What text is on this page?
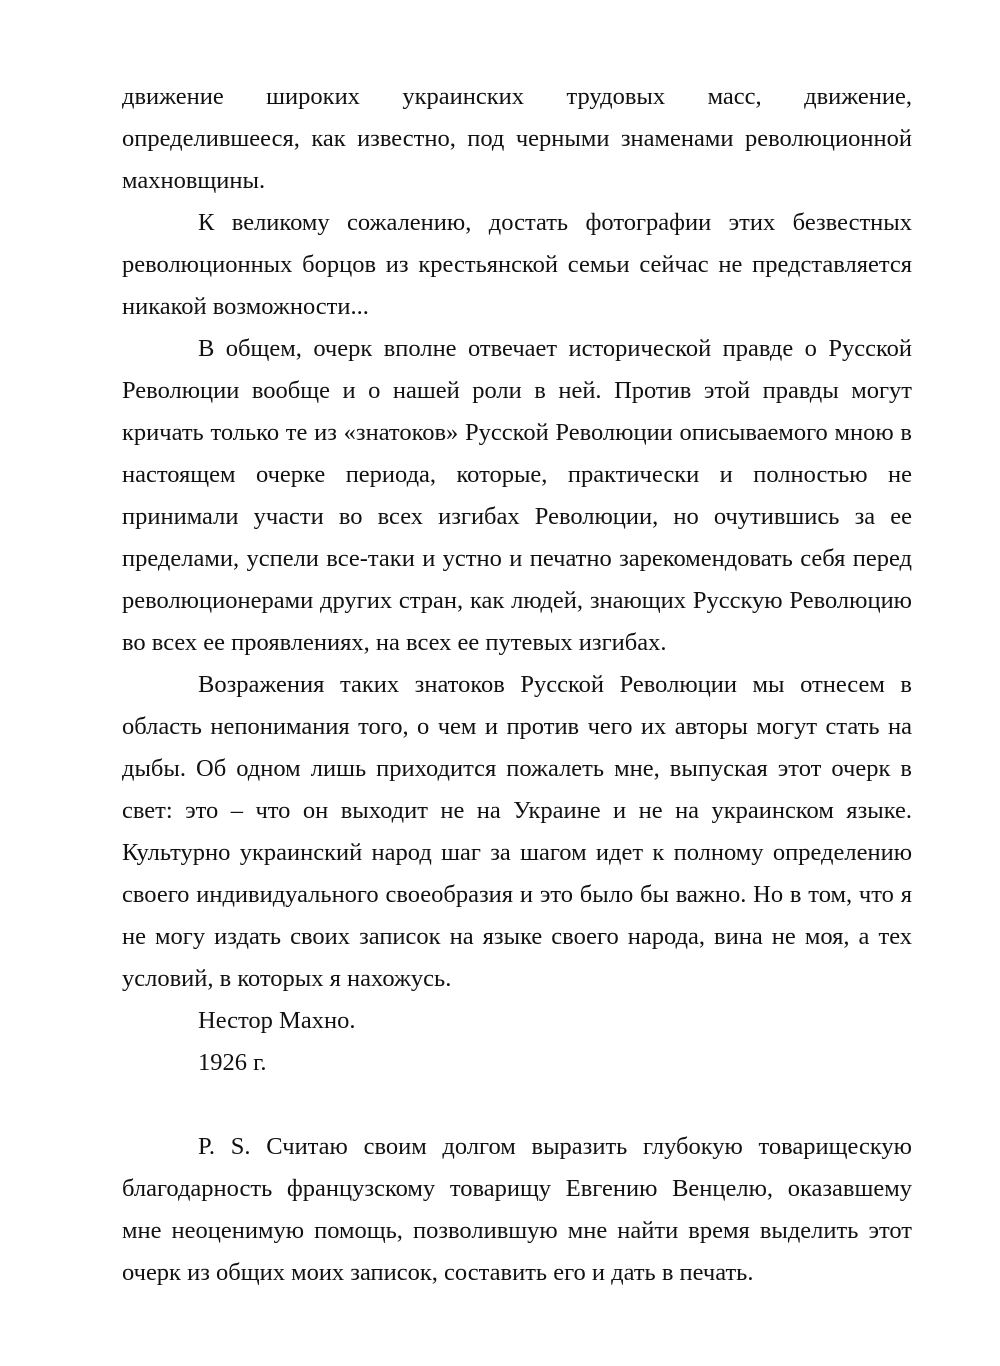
движение широких украинских трудовых масс, движение, определившееся, как известно, под черными знаменами революционной махновщины.

К великому сожалению, достать фотографии этих безвестных революционных борцов из крестьянской семьи сейчас не представляется никакой возможности...

В общем, очерк вполне отвечает исторической правде о Русской Революции вообще и о нашей роли в ней. Против этой правды могут кричать только те из «знатоков» Русской Революции описываемого мною в настоящем очерке периода, которые, практически и полностью не принимали участи во всех изгибах Революции, но очутившись за ее пределами, успели все-таки и устно и печатно зарекомендовать себя перед революционерами других стран, как людей, знающих Русскую Революцию во всех ее проявлениях, на всех ее путевых изгибах.

Возражения таких знатоков Русской Революции мы отнесем в область непонимания того, о чем и против чего их авторы могут стать на дыбы. Об одном лишь приходится пожалеть мне, выпуская этот очерк в свет: это – что он выходит не на Украине и не на украинском языке. Культурно украинский народ шаг за шагом идет к полному определению своего индивидуального своеобразия и это было бы важно. Но в том, что я не могу издать своих записок на языке своего народа, вина не моя, а тех условий, в которых я нахожусь.

Нестор Махно.

1926 г.

P. S. Считаю своим долгом выразить глубокую товарищескую благодарность французскому товарищу Евгению Венцелю, оказавшему мне неоценимую помощь, позволившую мне найти время выделить этот очерк из общих моих записок, составить его и дать в печать.
